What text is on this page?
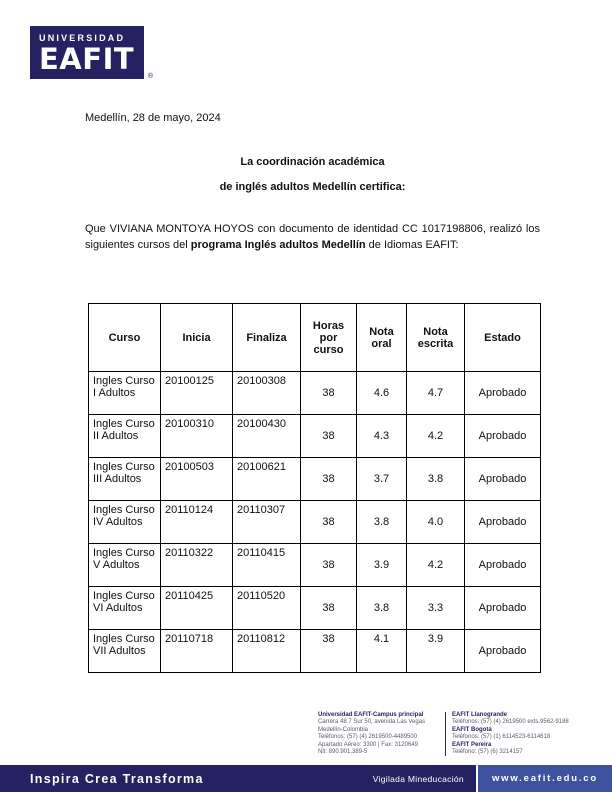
UNIVERSIDAD
EAFIT
®
Medellín, 28 de mayo, 2024
La coordinación académica
de inglés adultos Medellín certifica:

Que VIVIANA MONTOYA HOYOS con documento de identidad CC 1017198806, realizó los siguientes cursos del programa Inglés adultos Medellín de Idiomas EAFIT:

Curso	Inicia	Finaliza	Horas por curso	Nota oral	Nota escrita	Estado
Ingles Curso I Adultos	20100125	20100308	38	4.6	4.7	Aprobado
Ingles Curso II Adultos	20100310	20100430	38	4.3	4.2	Aprobado
Ingles Curso III Adultos	20100503	20100621	38	3.7	3.8	Aprobado
Ingles Curso IV Adultos	20110124	20110307	38	3.8	4.0	Aprobado
Ingles Curso V Adultos	20110322	20110415	38	3.9	4.2	Aprobado
Ingles Curso VI Adultos	20110425	20110520	38	3.8	3.3	Aprobado
Ingles Curso VII Adultos	20110718	20110812	38	4.1	3.9	Aprobado
Universidad EAFIT-Campus principal
Carrera 48 7 Sur 50, avenida Las Vegas
Medellín-Colombia
Teléfonos: (57) (4) 2619500-4489500
Apartado Aéreo: 3300 | Fax: 3120649
Nit: 890.901.389-5
EAFIT Llanogrande
Teléfonos: (57) (4) 2619500 exts.9562-9188
EAFIT Bogotá
Teléfonos: (57) (1) 6114523-6114618
EAFIT Pereira
Teléfono: (57) (6) 3214157
Inspira Crea Transforma	Vigilada Mineducación	www.eafit.edu.co
